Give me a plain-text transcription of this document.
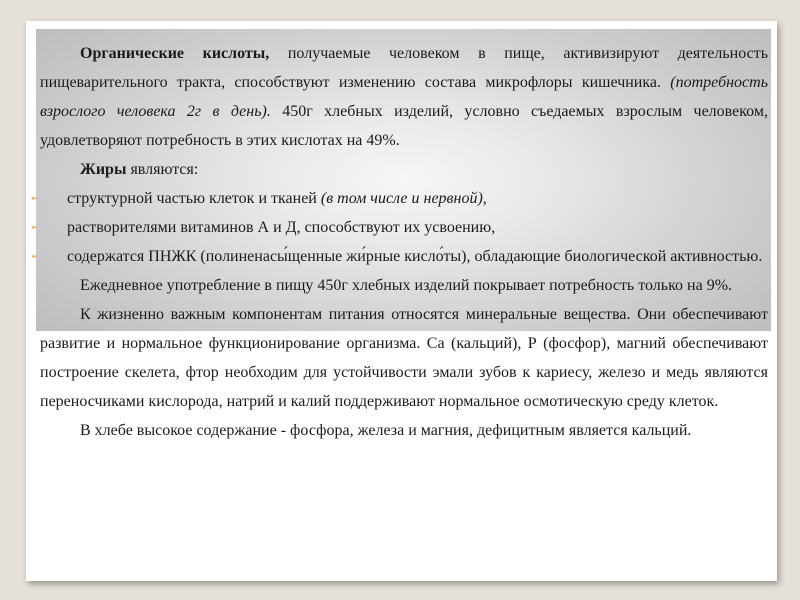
Органические кислоты, получаемые человеком в пище, активизируют деятельность пищеварительного тракта, способствуют изменению состава микрофлоры кишечника. (потребность взрослого человека 2г в день). 450г хлебных изделий, условно съедаемых взрослым человеком, удовлетворяют потребность в этих кислотах на 49%.

Жиры являются:

➢ структурной частью клеток и тканей (в том числе и нервной),

➢ растворителями витаминов А и Д, способствуют их усвоению,

➢ содержатся ПНЖК (полиненасы́щенные жи́рные кисло́ты), обладающие биологической активностью.

Ежедневное употребление в пищу 450г хлебных изделий покрывает потребность только на 9%.

К жизненно важным компонентам питания относятся минеральные вещества. Они обеспечивают развитие и нормальное функционирование организма. Са (кальций), Р (фосфор), магний обеспечивают построение скелета, фтор необходим для устойчивости эмали зубов к кариесу, железо и медь являются переносчиками кислорода, натрий и калий поддерживают нормальное осмотическую среду клеток.

В хлебе высокое содержание - фосфора, железа и магния, дефицитным является кальций.
